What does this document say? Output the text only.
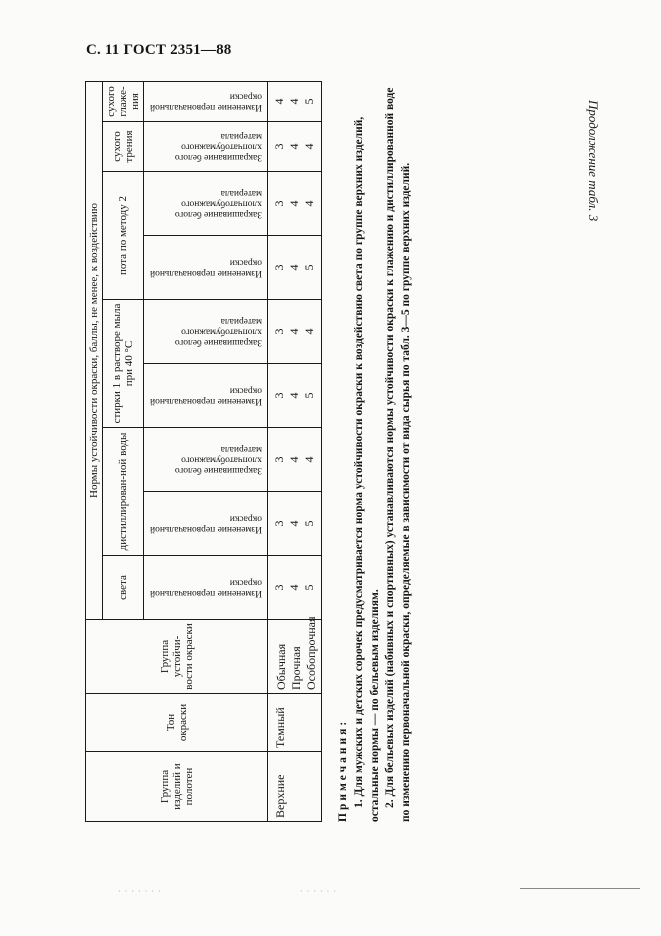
С. 11 ГОСТ 2351—88
Продолжение табл. 3
Группа изделий и полотен	Тон окраски	Группа устойчи-вости окраски	Нормы устойчивости окраски, баллы, не менее, к воздействию								
			света	дистиллирован-ной воды		стирки 1 в растворе мыла при 40 °С		пота по методу 2		сухого трения	сухого глаже-ния
			Изменение первоначальной окраски	Изменение первоначальной окраски	Закрашивание белого хлопчатобумажного материала	Изменение первоначальной окраски	Закрашивание белого хлопчатобумажного материала	Изменение первоначальной окраски	Закрашивание белого хлопчатобумажного материала	Закрашивание белого хлопчатобумажного материала	Изменение первоначальной окраски
Верхние	Темный	Обычная Прочная Особопрочная	3 4 5	3 4 5	3 4 4	3 4 5	3 4 4	3 4 5	3 4 4	3 4 4	4 4 5

Примечания: 1. Для мужских и детских сорочек предусматривается норма устойчивости окраски к воздействию света по группе верхних изделий, остальные нормы — по бельевым изделиям. 2. Для бельевых изделий (набивных и спортивных) устанавливаются нормы устойчивости окраски к глажению и дистиллированной воде по изменению первоначальной окраски, определяемые в зависимости от вида сырья по табл. 3—5 по группе верхних изделий.

· · · · · · ·	· · · · · ·
